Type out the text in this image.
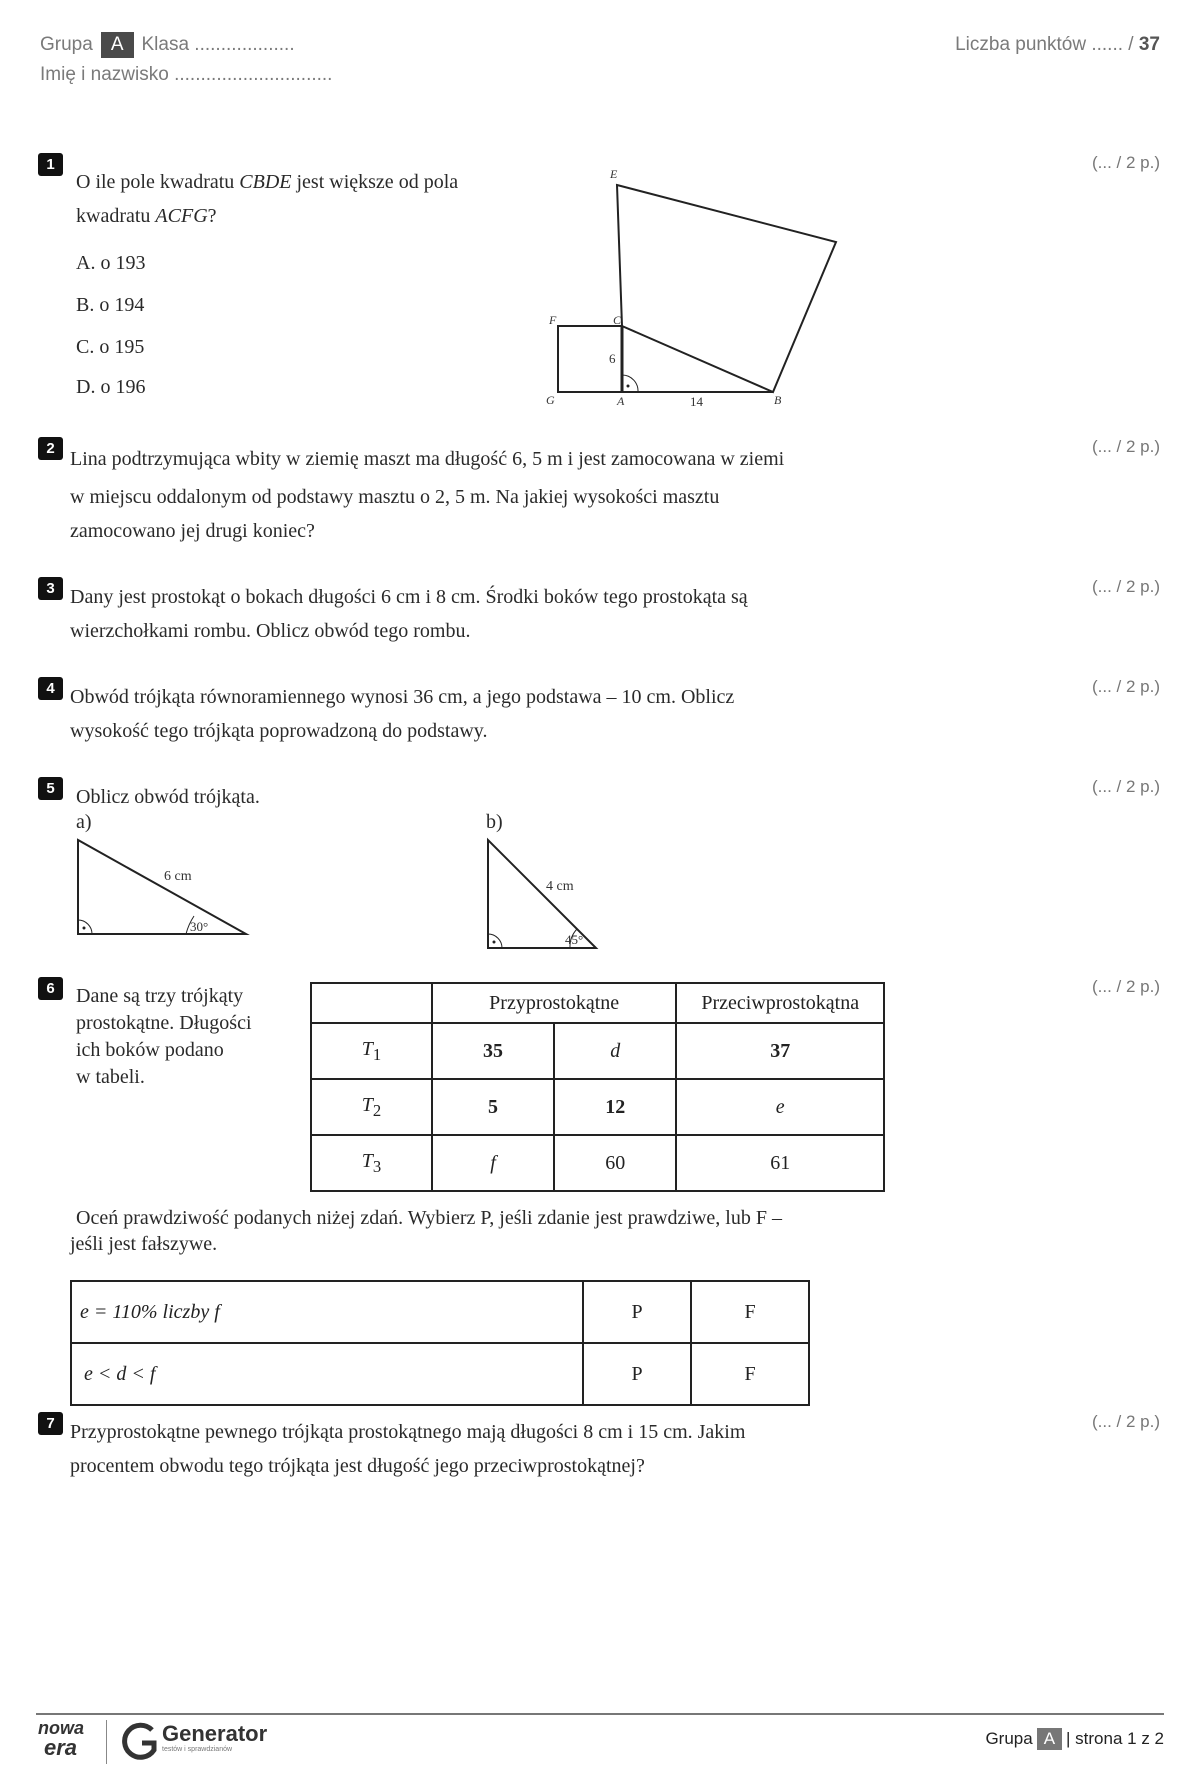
Grupa A Klasa ...................
Imię i nazwisko ..............................
Liczba punktów ...... / 37
1	(... / 2 p.)
O ile pole kwadratu CBDE jest większe od pola
kwadratu ACFG?
A. o 193
B. o 194
C. o 195
D. o 196
E
C
F
G	A	B
6
14
2	(... / 2 p.)
Lina podtrzymująca wbity w ziemię maszt ma długość 6, 5 m i jest zamocowana w ziemi
w miejscu oddalonym od podstawy masztu o 2, 5 m. Na jakiej wysokości masztu
zamocowano jej drugi koniec?
3	(... / 2 p.)
Dany jest prostokąt o bokach długości 6 cm i 8 cm. Środki boków tego prostokąta są
wierzchołkami rombu. Oblicz obwód tego rombu.
4	(... / 2 p.)
Obwód trójkąta równoramiennego wynosi 36 cm, a jego podstawa – 10 cm. Oblicz
wysokość tego trójkąta poprowadzoną do podstawy.
5	(... / 2 p.)
Oblicz obwód trójkąta.
a)	b)
6 cm
30°
4 cm
45°
6	(... / 2 p.)
Dane są trzy trójkąty
prostokątne. Długości
ich boków podano
w tabeli.
	Przyprostokątne		Przeciwprostokątna
$T_1$	35	d	37
$T_2$	5	12	e
$T_3$	f	60	61
Oceń prawdziwość podanych niżej zdań. Wybierz P, jeśli zdanie jest prawdziwe, lub F –
jeśli jest fałszywe.
e = 110% liczby f	P	F
e < d < f	P	F
7	(... / 2 p.)
Przyprostokątne pewnego trójkąta prostokątnego mają długości 8 cm i 15 cm. Jakim
procentem obwodu tego trójkąta jest długość jego przeciwprostokątnej?
nowa
era
Generator
testów i sprawdzianów
Grupa A | strona 1 z 2
